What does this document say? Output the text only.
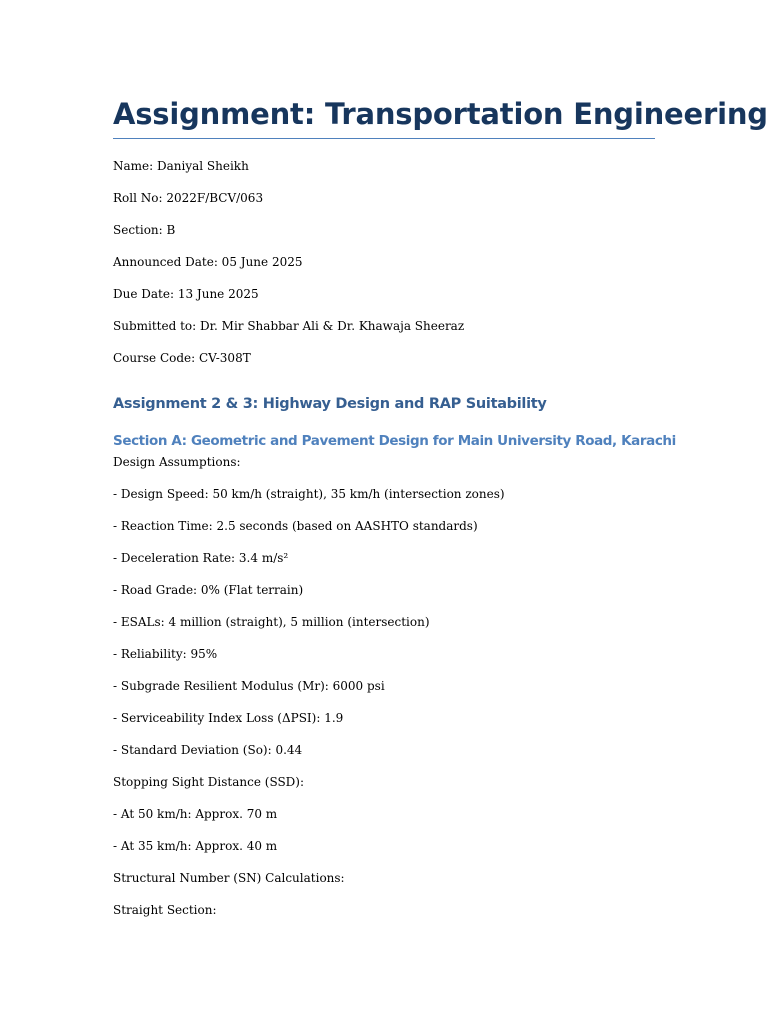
Assignment: Transportation Engineering

Name: Daniyal Sheikh

Roll No: 2022F/BCV/063

Section: B

Announced Date: 05 June 2025

Due Date: 13 June 2025

Submitted to: Dr. Mir Shabbar Ali & Dr. Khawaja Sheeraz

Course Code: CV-308T

Assignment 2 & 3: Highway Design and RAP Suitability
Section A: Geometric and Pavement Design for Main University Road, Karachi

Design Assumptions:

- Design Speed: 50 km/h (straight), 35 km/h (intersection zones)

- Reaction Time: 2.5 seconds (based on AASHTO standards)

- Deceleration Rate: 3.4 m/s²

- Road Grade: 0% (Flat terrain)

- ESALs: 4 million (straight), 5 million (intersection)

- Reliability: 95%

- Subgrade Resilient Modulus (Mr): 6000 psi

- Serviceability Index Loss (ΔPSI): 1.9

- Standard Deviation (So): 0.44

Stopping Sight Distance (SSD):

- At 50 km/h: Approx. 70 m

- At 35 km/h: Approx. 40 m

Structural Number (SN) Calculations:

Straight Section:
